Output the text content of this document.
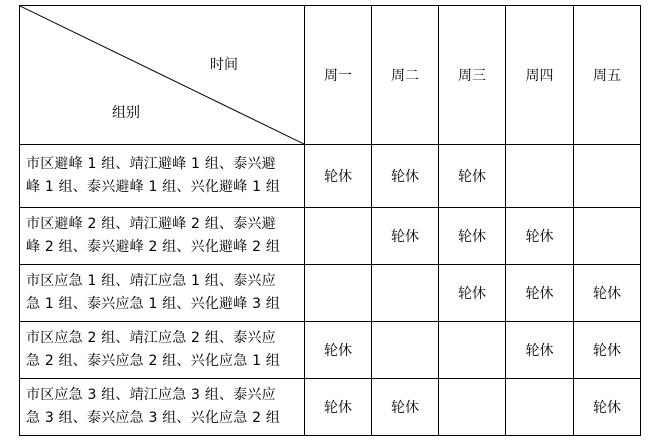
时间
组别	周一	周二	周三	周四	周五

市区避峰 1 组、靖江避峰 1 组、泰兴避
峰 1 组、泰兴避峰 1 组、兴化避峰 1 组	轮休	轮休	轮休		

市区避峰 2 组、靖江避峰 2 组、泰兴避
峰 2 组、泰兴避峰 2 组、兴化避峰 2 组		轮休	轮休	轮休	

市区应急 1 组、靖江应急 1 组、泰兴应
急 1 组、泰兴应急 1 组、兴化避峰 3 组			轮休	轮休	轮休

市区应急 2 组、靖江应急 2 组、泰兴应
急 2 组、泰兴应急 2 组、兴化应急 1 组	轮休			轮休	轮休

市区应急 3 组、靖江应急 3 组、泰兴应
急 3 组、泰兴应急 3 组、兴化应急 2 组	轮休	轮休			轮休
